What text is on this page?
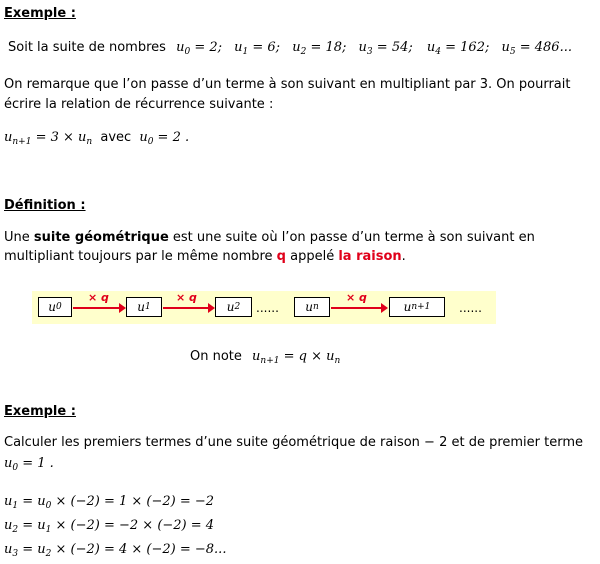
Exemple :
Soit la suite de nombres $u_0 = 2$; $u_1 = 6$; $u_2 = 18$; $u_3 = 54$; $u_4 = 162$; $u_5 = 486$...
On remarque que l’on passe d’un terme à son suivant en multipliant par 3. On pourrait
écrire la relation de récurrence suivante :
$u_{n+1} = 3 \times u_n$ avec $u_0 = 2$ .
Définition :
Une suite géométrique est une suite où l’on passe d’un terme à son suivant en
multipliant toujours par le même nombre q appelé la raison.
u 0
× q
u 1
× q
u 2 ......	u n
× q
u n+1 ......
On note $u_{n+1} = q \times u_n$
Exemple :
Calculer les premiers termes d’une suite géométrique de raison − 2 et de premier terme
$u_0 = 1$ .
$u_1 = u_0 \times (-2) = 1 \times (-2) = -2$
$u_2 = u_1 \times (-2) = -2 \times (-2) = 4$
$u_3 = u_2 \times (-2) = 4 \times (-2) = -8$...
